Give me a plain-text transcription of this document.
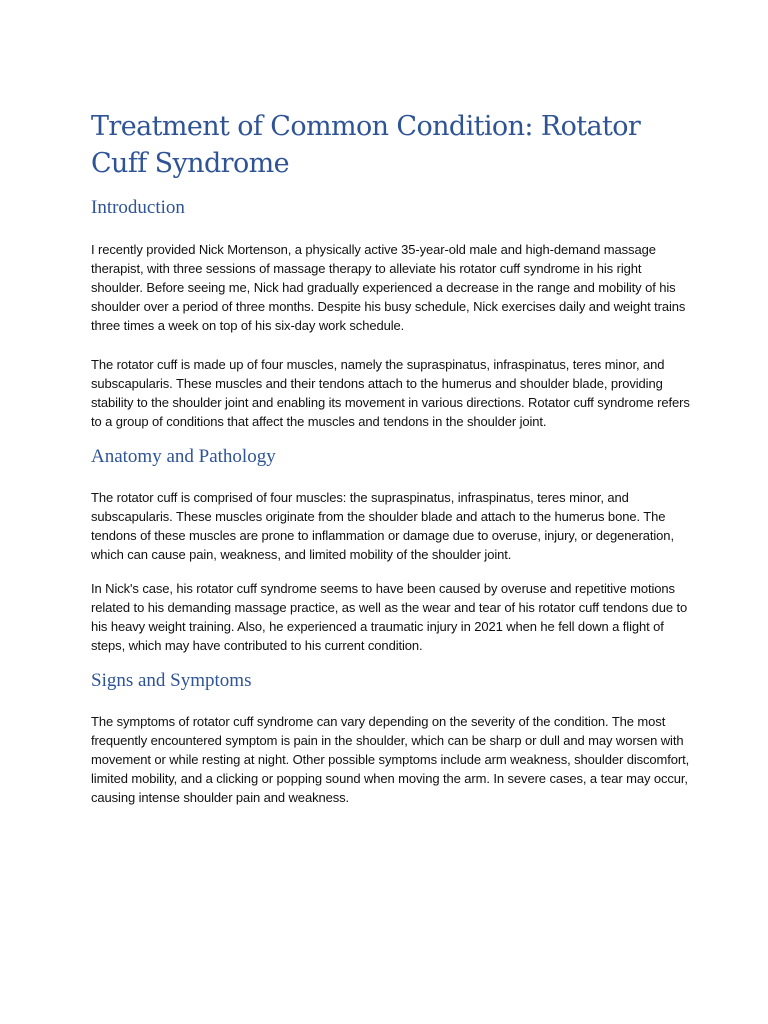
Treatment of Common Condition: Rotator Cuff Syndrome
Introduction

I recently provided Nick Mortenson, a physically active 35-year-old male and high-demand massage therapist, with three sessions of massage therapy to alleviate his rotator cuff syndrome in his right shoulder. Before seeing me, Nick had gradually experienced a decrease in the range and mobility of his shoulder over a period of three months. Despite his busy schedule, Nick exercises daily and weight trains three times a week on top of his six-day work schedule.

The rotator cuff is made up of four muscles, namely the supraspinatus, infraspinatus, teres minor, and subscapularis. These muscles and their tendons attach to the humerus and shoulder blade, providing stability to the shoulder joint and enabling its movement in various directions. Rotator cuff syndrome refers to a group of conditions that affect the muscles and tendons in the shoulder joint.

Anatomy and Pathology

The rotator cuff is comprised of four muscles: the supraspinatus, infraspinatus, teres minor, and subscapularis. These muscles originate from the shoulder blade and attach to the humerus bone. The tendons of these muscles are prone to inflammation or damage due to overuse, injury, or degeneration, which can cause pain, weakness, and limited mobility of the shoulder joint.

In Nick's case, his rotator cuff syndrome seems to have been caused by overuse and repetitive motions related to his demanding massage practice, as well as the wear and tear of his rotator cuff tendons due to his heavy weight training. Also, he experienced a traumatic injury in 2021 when he fell down a flight of steps, which may have contributed to his current condition.

Signs and Symptoms

The symptoms of rotator cuff syndrome can vary depending on the severity of the condition. The most frequently encountered symptom is pain in the shoulder, which can be sharp or dull and may worsen with movement or while resting at night. Other possible symptoms include arm weakness, shoulder discomfort, limited mobility, and a clicking or popping sound when moving the arm. In severe cases, a tear may occur, causing intense shoulder pain and weakness.
